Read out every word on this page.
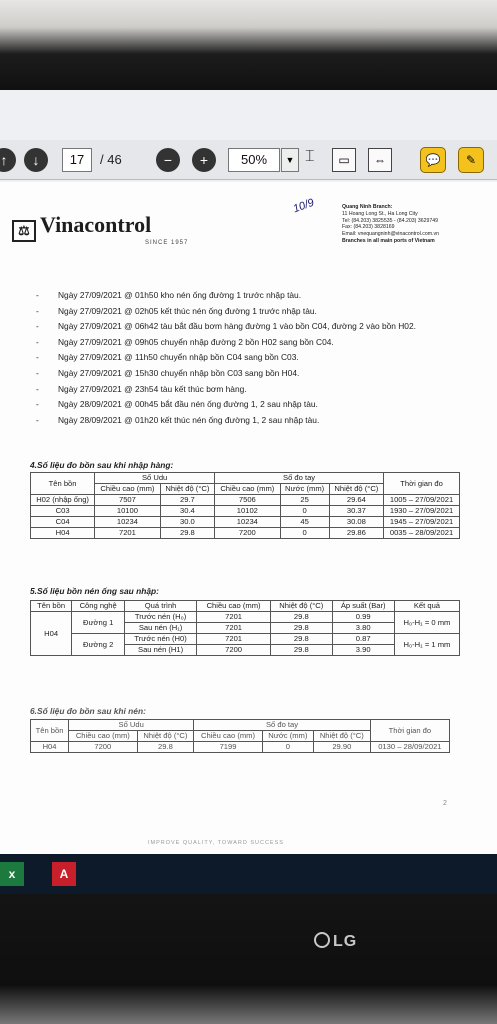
↑	↓	17	/ 46	−	+	50%	▼ ⌶	▭	⇔	💬	✎
⚖ Vinacontrol
SINCE 1957
10/9	Quang Ninh Branch:
11 Hoang Long St., Ha Long City
Tel: (84.203) 3825535 - (84.203) 3629749
Fax: (84.203) 3828169
Email: vnequangninh@vinacontrol.com.vn
Branches in all main ports of Vietnam
- Ngày 27/09/2021 @ 01h50 kho nén ống đường 1 trước nhập tàu.
- Ngày 27/09/2021 @ 02h05 kết thúc nén ống đường 1 trước nhập tàu.
- Ngày 27/09/2021 @ 06h42 tàu bắt đầu bơm hàng đường 1 vào bồn C04, đường 2 vào bồn H02.
- Ngày 27/09/2021 @ 09h05 chuyển nhập đường 2 bồn H02 sang bồn C04.
- Ngày 27/09/2021 @ 11h50 chuyển nhập bồn C04 sang bồn C03.
- Ngày 27/09/2021 @ 15h30 chuyển nhập bồn C03 sang bồn H04.
- Ngày 27/09/2021 @ 23h54 tàu kết thúc bơm hàng.
- Ngày 28/09/2021 @ 00h45 bắt đầu nén ống đường 1, 2 sau nhập tàu.
- Ngày 28/09/2021 @ 01h20 kết thúc nén ống đường 1, 2 sau nhập tàu.
4.Số liệu đo bồn sau khi nhập hàng:
Tên bồn	Số Udu		Số đo tay			Thời gian đo
	Chiều cao (mm)	Nhiệt độ (°C)	Chiều cao (mm)	Nước (mm)	Nhiệt độ (°C)	
H02 (nhập ống)	7507	29.7	7506	25	29.64	1005 – 27/09/2021
C03	10100	30.4	10102	0	30.37	1930 – 27/09/2021
C04	10234	30.0	10234	45	30.08	1945 – 27/09/2021
H04	7201	29.8	7200	0	29.86	0035 – 28/09/2021
5.Số liệu bồn nén ống sau nhập:
Tên bồn	Công nghệ	Quá trình	Chiều cao (mm)	Nhiệt độ (°C)	Áp suất (Bar)	Kết quả
H04	Đường 1	Trước nén (H₀)	7201	29.8	0.99	H₀-H₁ = 0 mm
		Sau nén (H₁)	7201	29.8	3.80	
	Đường 2	Trước nén (H0)	7201	29.8	0.87	H₀-H₁ = 1 mm
		Sau nén (H1)	7200	29.8	3.90	
6.Số liệu đo bồn sau khi nén:
Tên bồn	Số Udu		Số đo tay			Thời gian đo
	Chiều cao (mm)	Nhiệt độ (°C)	Chiều cao (mm)	Nước (mm)	Nhiệt độ (°C)	
H04	7200	29.8	7199	0	29.90	0130 – 28/09/2021
2
IMPROVE QUALITY, TOWARD SUCCESS
x	A
LG
